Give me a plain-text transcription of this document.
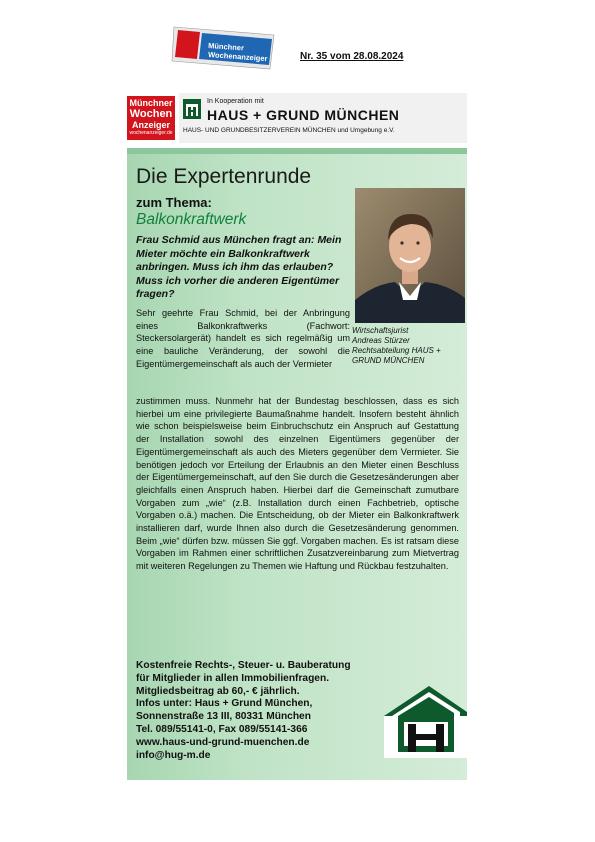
Münchner
Wochenanzeiger	Nr. 35 vom 28.08.2024
Münchner
Wochen
Anzeiger
wochenanzeiger.de
In Kooperation mit
HAUS + GRUND MÜNCHEN
HAUS- UND GRUNDBESITZERVEREIN MÜNCHEN und Umgebung e.V.
Die Expertenrunde
zum Thema:
Balkonkraftwerk
Frau Schmid aus München fragt an: Mein Mieter möchte ein Balkonkraftwerk anbringen. Muss ich ihm das erlauben? Muss ich vorher die anderen Eigentümer fragen?
Wirtschaftsjurist
Andreas Stürzer
Rechtsabteilung HAUS +
GRUND MÜNCHEN
Sehr geehrte Frau Schmid, bei der Anbringung eines Balkonkraftwerks (Fachwort: Steckersolargerät) handelt es sich regelmäßig um eine bauliche Veränderung, der sowohl die Eigentümergemeinschaft als auch der Vermieter
zustimmen muss. Nunmehr hat der Bundestag beschlossen, dass es sich hierbei um eine privilegierte Baumaßnahme handelt. Insofern besteht ähnlich wie schon beispielsweise beim Einbruchschutz ein Anspruch auf Gestattung der Installation sowohl des einzelnen Eigentümers gegenüber der Eigentümergemeinschaft als auch des Mieters gegenüber dem Vermieter. Sie benötigen jedoch vor Erteilung der Erlaubnis an den Mieter einen Beschluss der Eigentümergemeinschaft, auf den Sie durch die Gesetzesänderungen aber gleichfalls einen Anspruch haben. Hierbei darf die Gemeinschaft zumutbare Vorgaben zum „wie“ (z.B. Installation durch einen Fachbetrieb, optische Vorgaben o.ä.) machen. Die Entscheidung, ob der Mieter ein Balkonkraftwerk installieren darf, wurde Ihnen also durch die Gesetzesänderung genommen. Beim „wie“ dürfen bzw. müssen Sie ggf. Vorgaben machen. Es ist ratsam diese Vorgaben im Rahmen einer schriftlichen Zusatzvereinbarung zum Mietvertrag mit weiteren Regelungen zu Themen wie Haftung und Rückbau festzuhalten.
Kostenfreie Rechts-, Steuer- u. Bauberatung
für Mitglieder in allen Immobilienfragen.
Mitgliedsbeitrag ab 60,- € jährlich.
Infos unter: Haus + Grund München,
Sonnenstraße 13 III, 80331 München
Tel. 089/55141-0, Fax 089/55141-366
www.haus-und-grund-muenchen.de
info@hug-m.de
